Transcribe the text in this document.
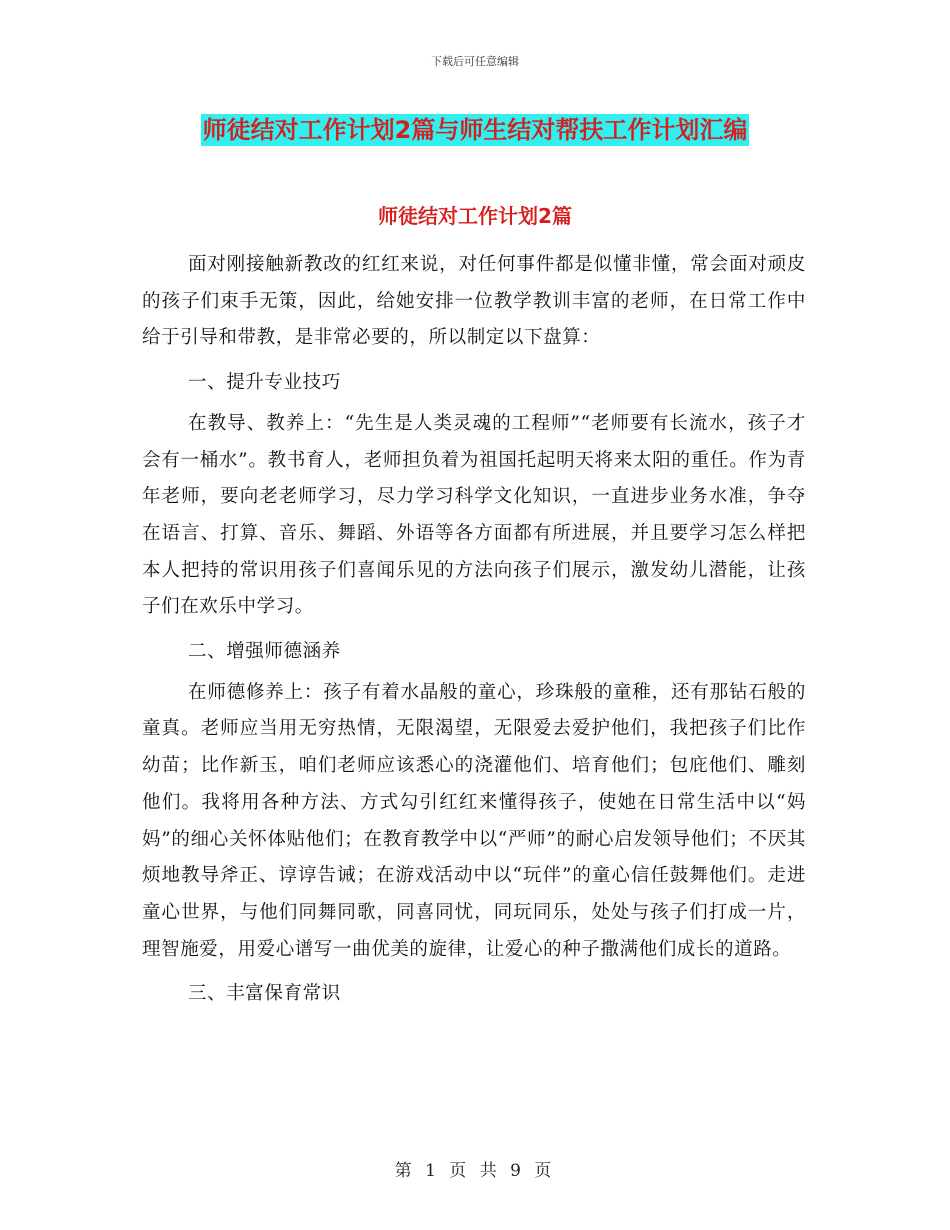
下载后可任意编辑
师徒结对工作计划2篇与师生结对帮扶工作计划汇编
师徒结对工作计划2篇

面对刚接触新教改的红红来说，对任何事件都是似懂非懂，常会面对顽皮的孩子们束手无策，因此，给她安排一位教学教训丰富的老师，在日常工作中给于引导和带教，是非常必要的，所以制定以下盘算：

一、提升专业技巧

在教导、教养上：“先生是人类灵魂的工程师”“老师要有长流水，孩子才会有一桶水”。教书育人，老师担负着为祖国托起明天将来太阳的重任。作为青年老师，要向老老师学习，尽力学习科学文化知识，一直进步业务水准，争夺在语言、打算、音乐、舞蹈、外语等各方面都有所进展，并且要学习怎么样把本人把持的常识用孩子们喜闻乐见的方法向孩子们展示，激发幼儿潜能，让孩子们在欢乐中学习。

二、增强师德涵养

在师德修养上：孩子有着水晶般的童心，珍珠般的童稚，还有那钻石般的童真。老师应当用无穷热情，无限渴望，无限爱去爱护他们，我把孩子们比作幼苗；比作新玉，咱们老师应该悉心的浇灌他们、培育他们；包庇他们、雕刻他们。我将用各种方法、方式勾引红红来懂得孩子，使她在日常生活中以“妈妈”的细心关怀体贴他们；在教育教学中以“严师”的耐心启发领导他们；不厌其烦地教导斧正、谆谆告诫；在游戏活动中以“玩伴”的童心信任鼓舞他们。走进童心世界，与他们同舞同歌，同喜同忧，同玩同乐，处处与孩子们打成一片，理智施爱，用爱心谱写一曲优美的旋律，让爱心的种子撒满他们成长的道路。

三、丰富保育常识

第 1 页 共 9 页
